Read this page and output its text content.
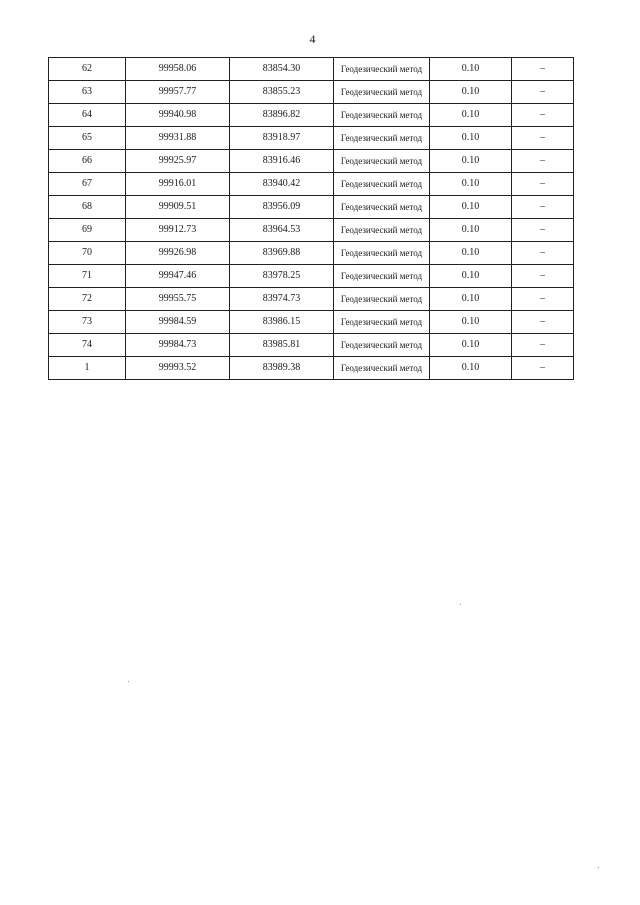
4
62	99958.06	83854.30	Геодезический метод	0.10	–
63	99957.77	83855.23	Геодезический метод	0.10	–
64	99940.98	83896.82	Геодезический метод	0.10	–
65	99931.88	83918.97	Геодезический метод	0.10	–
66	99925.97	83916.46	Геодезический метод	0.10	–
67	99916.01	83940.42	Геодезический метод	0.10	–
68	99909.51	83956.09	Геодезический метод	0.10	–
69	99912.73	83964.53	Геодезический метод	0.10	–
70	99926.98	83969.88	Геодезический метод	0.10	–
71	99947.46	83978.25	Геодезический метод	0.10	–
72	99955.75	83974.73	Геодезический метод	0.10	–
73	99984.59	83986.15	Геодезический метод	0.10	–
74	99984.73	83985.81	Геодезический метод	0.10	–
1	99993.52	83989.38	Геодезический метод	0.10	–
